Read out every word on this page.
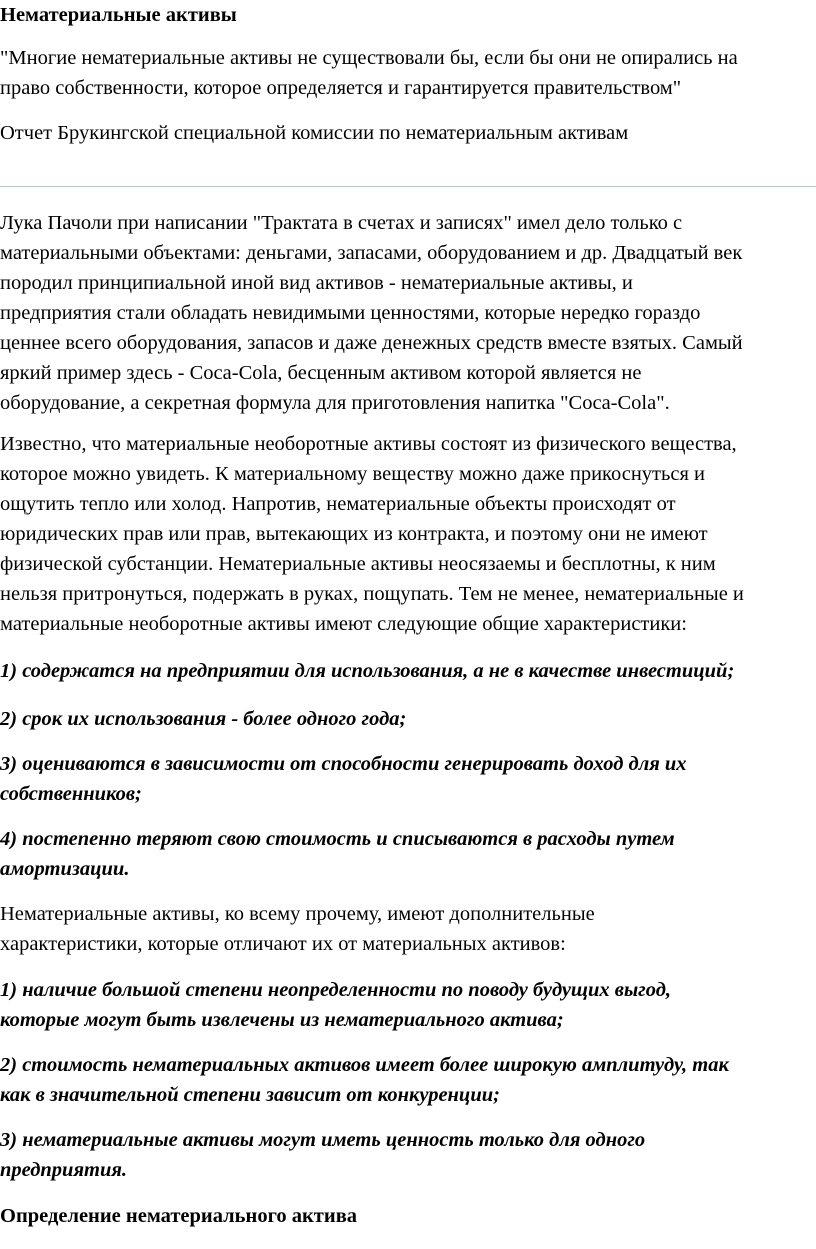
Нематериальные активы
"Многие нематериальные активы не существовали бы, если бы они не опирались на
право собственности, которое определяется и гарантируется правительством"
Отчет Брукингской специальной комиссии по нематериальным активам
Лука Пачоли при написании "Трактата в счетах и записях" имел дело только с
материальными объектами: деньгами, запасами, оборудованием и др. Двадцатый век
породил принципиальной иной вид активов - нематериальные активы, и
предприятия стали обладать невидимыми ценностями, которые нередко гораздо
ценнее всего оборудования, запасов и даже денежных средств вместе взятых. Самый
яркий пример здесь - Coca-Cola, бесценным активом которой является не
оборудование, а секретная формула для приготовления напитка "Coca-Cola".
Известно, что материальные необоротные активы состоят из физического вещества,
которое можно увидеть. К материальному веществу можно даже прикоснуться и
ощутить тепло или холод. Напротив, нематериальные объекты происходят от
юридических прав или прав, вытекающих из контракта, и поэтому они не имеют
физической субстанции. Нематериальные активы неосязаемы и бесплотны, к ним
нельзя притронуться, подержать в руках, пощупать. Тем не менее, нематериальные и
материальные необоротные активы имеют следующие общие характеристики:
1) содержатся на предприятии для использования, а не в качестве инвестиций;
2) срок их использования - более одного года;
3) оцениваются в зависимости от способности генерировать доход для их
собственников;
4) постепенно теряют свою стоимость и списываются в расходы путем
амортизации.
Нематериальные активы, ко всему прочему, имеют дополнительные
характеристики, которые отличают их от материальных активов:
1) наличие большой степени неопределенности по поводу будущих выгод,
которые могут быть извлечены из нематериального актива;
2) стоимость нематериальных активов имеет более широкую амплитуду, так
как в значительной степени зависит от конкуренции;
3) нематериальные активы могут иметь ценность только для одного
предприятия.
Определение нематериального актива
